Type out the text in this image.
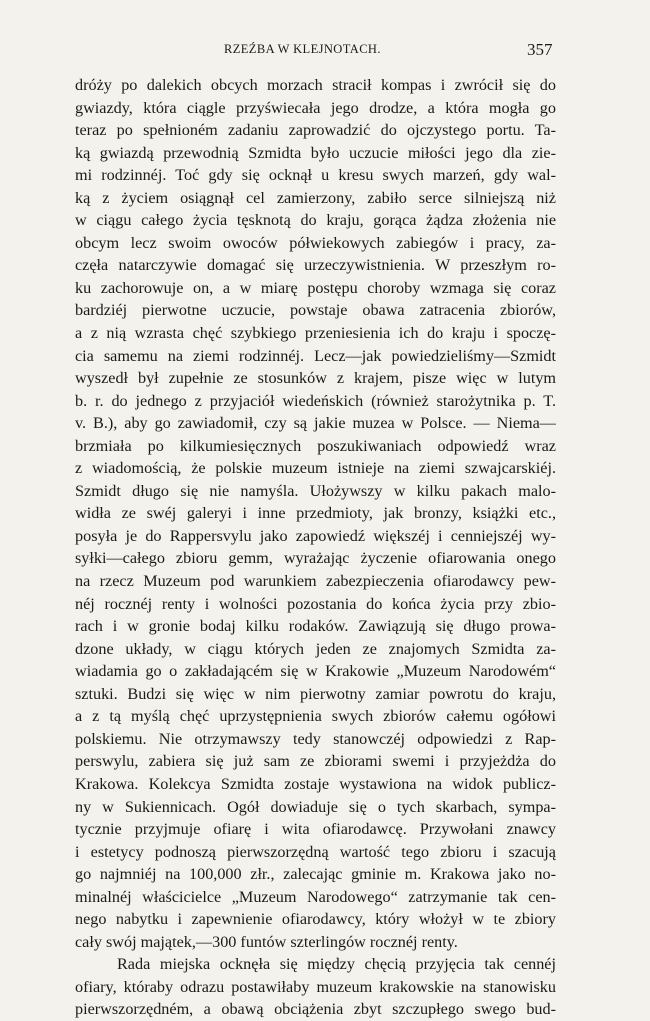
RZEŹBA W KLEJNOTACH.	357
dróży po dalekich obcych morzach stracił kompas i zwrócił się do
gwiazdy, która ciągle przyświecała jego drodze, a która mogła go
teraz po spełnioném zadaniu zaprowadzić do ojczystego portu. Ta-
ką gwiazdą przewodnią Szmidta było uczucie miłości jego dla zie-
mi rodzinnéj. Toć gdy się ocknął u kresu swych marzeń, gdy wal-
ką z życiem osiągnął cel zamierzony, zabiło serce silniejszą niż
w ciągu całego życia tęsknotą do kraju, gorąca żądza złożenia nie
obcym lecz swoim owoców półwiekowych zabiegów i pracy, za-
częła natarczywie domagać się urzeczywistnienia. W przeszłym ro-
ku zachorowuje on, a w miarę postępu choroby wzmaga się coraz
bardziéj pierwotne uczucie, powstaje obawa zatracenia zbiorów,
a z nią wzrasta chęć szybkiego przeniesienia ich do kraju i spoczę-
cia samemu na ziemi rodzinnéj. Lecz—jak powiedzieliśmy—Szmidt
wyszedł był zupełnie ze stosunków z krajem, pisze więc w lutym
b. r. do jednego z przyjaciół wiedeńskich (również starożytnika p. T.
v. B.), aby go zawiadomił, czy są jakie muzea w Polsce. — Niema—
brzmiała po kilkumiesięcznych poszukiwaniach odpowiedź wraz
z wiadomością, że polskie muzeum istnieje na ziemi szwajcarskiéj.
Szmidt długo się nie namyśla. Ułożywszy w kilku pakach malo-
widła ze swéj galeryi i inne przedmioty, jak bronzy, książki etc.,
posyła je do Rappersvylu jako zapowiedź większéj i cenniejszéj wy-
syłki—całego zbioru gemm, wyrażając życzenie ofiarowania onego
na rzecz Muzeum pod warunkiem zabezpieczenia ofiarodawcy pew-
néj rocznéj renty i wolności pozostania do końca życia przy zbio-
rach i w gronie bodaj kilku rodaków. Zawiązują się długo prowa-
dzone układy, w ciągu których jeden ze znajomych Szmidta za-
wiadamia go o zakładającém się w Krakowie „Muzeum Narodowém“
sztuki. Budzi się więc w nim pierwotny zamiar powrotu do kraju,
a z tą myślą chęć uprzystępnienia swych zbiorów całemu ogółowi
polskiemu. Nie otrzymawszy tedy stanowczéj odpowiedzi z Rap-
perswylu, zabiera się już sam ze zbiorami swemi i przyjeżdża do
Krakowa. Kolekcya Szmidta zostaje wystawiona na widok publicz-
ny w Sukiennicach. Ogół dowiaduje się o tych skarbach, sympa-
tycznie przyjmuje ofiarę i wita ofiarodawcę. Przywołani znawcy
i estetycy podnoszą pierwszorzędną wartość tego zbioru i szacują
go najmniéj na 100,000 złr., zalecając gminie m. Krakowa jako no-
minalnéj właścicielce „Muzeum Narodowego“ zatrzymanie tak cen-
nego nabytku i zapewnienie ofiarodawcy, który włożył w te zbiory
cały swój majątek,—300 funtów szterlingów rocznéj renty.
Rada miejska ocknęła się między chęcią przyjęcia tak cennéj
ofiary, któraby odrazu postawiłaby muzeum krakowskie na stanowisku
pierwszorzędném, a obawą obciążenia zbyt szczupłego swego bud-
